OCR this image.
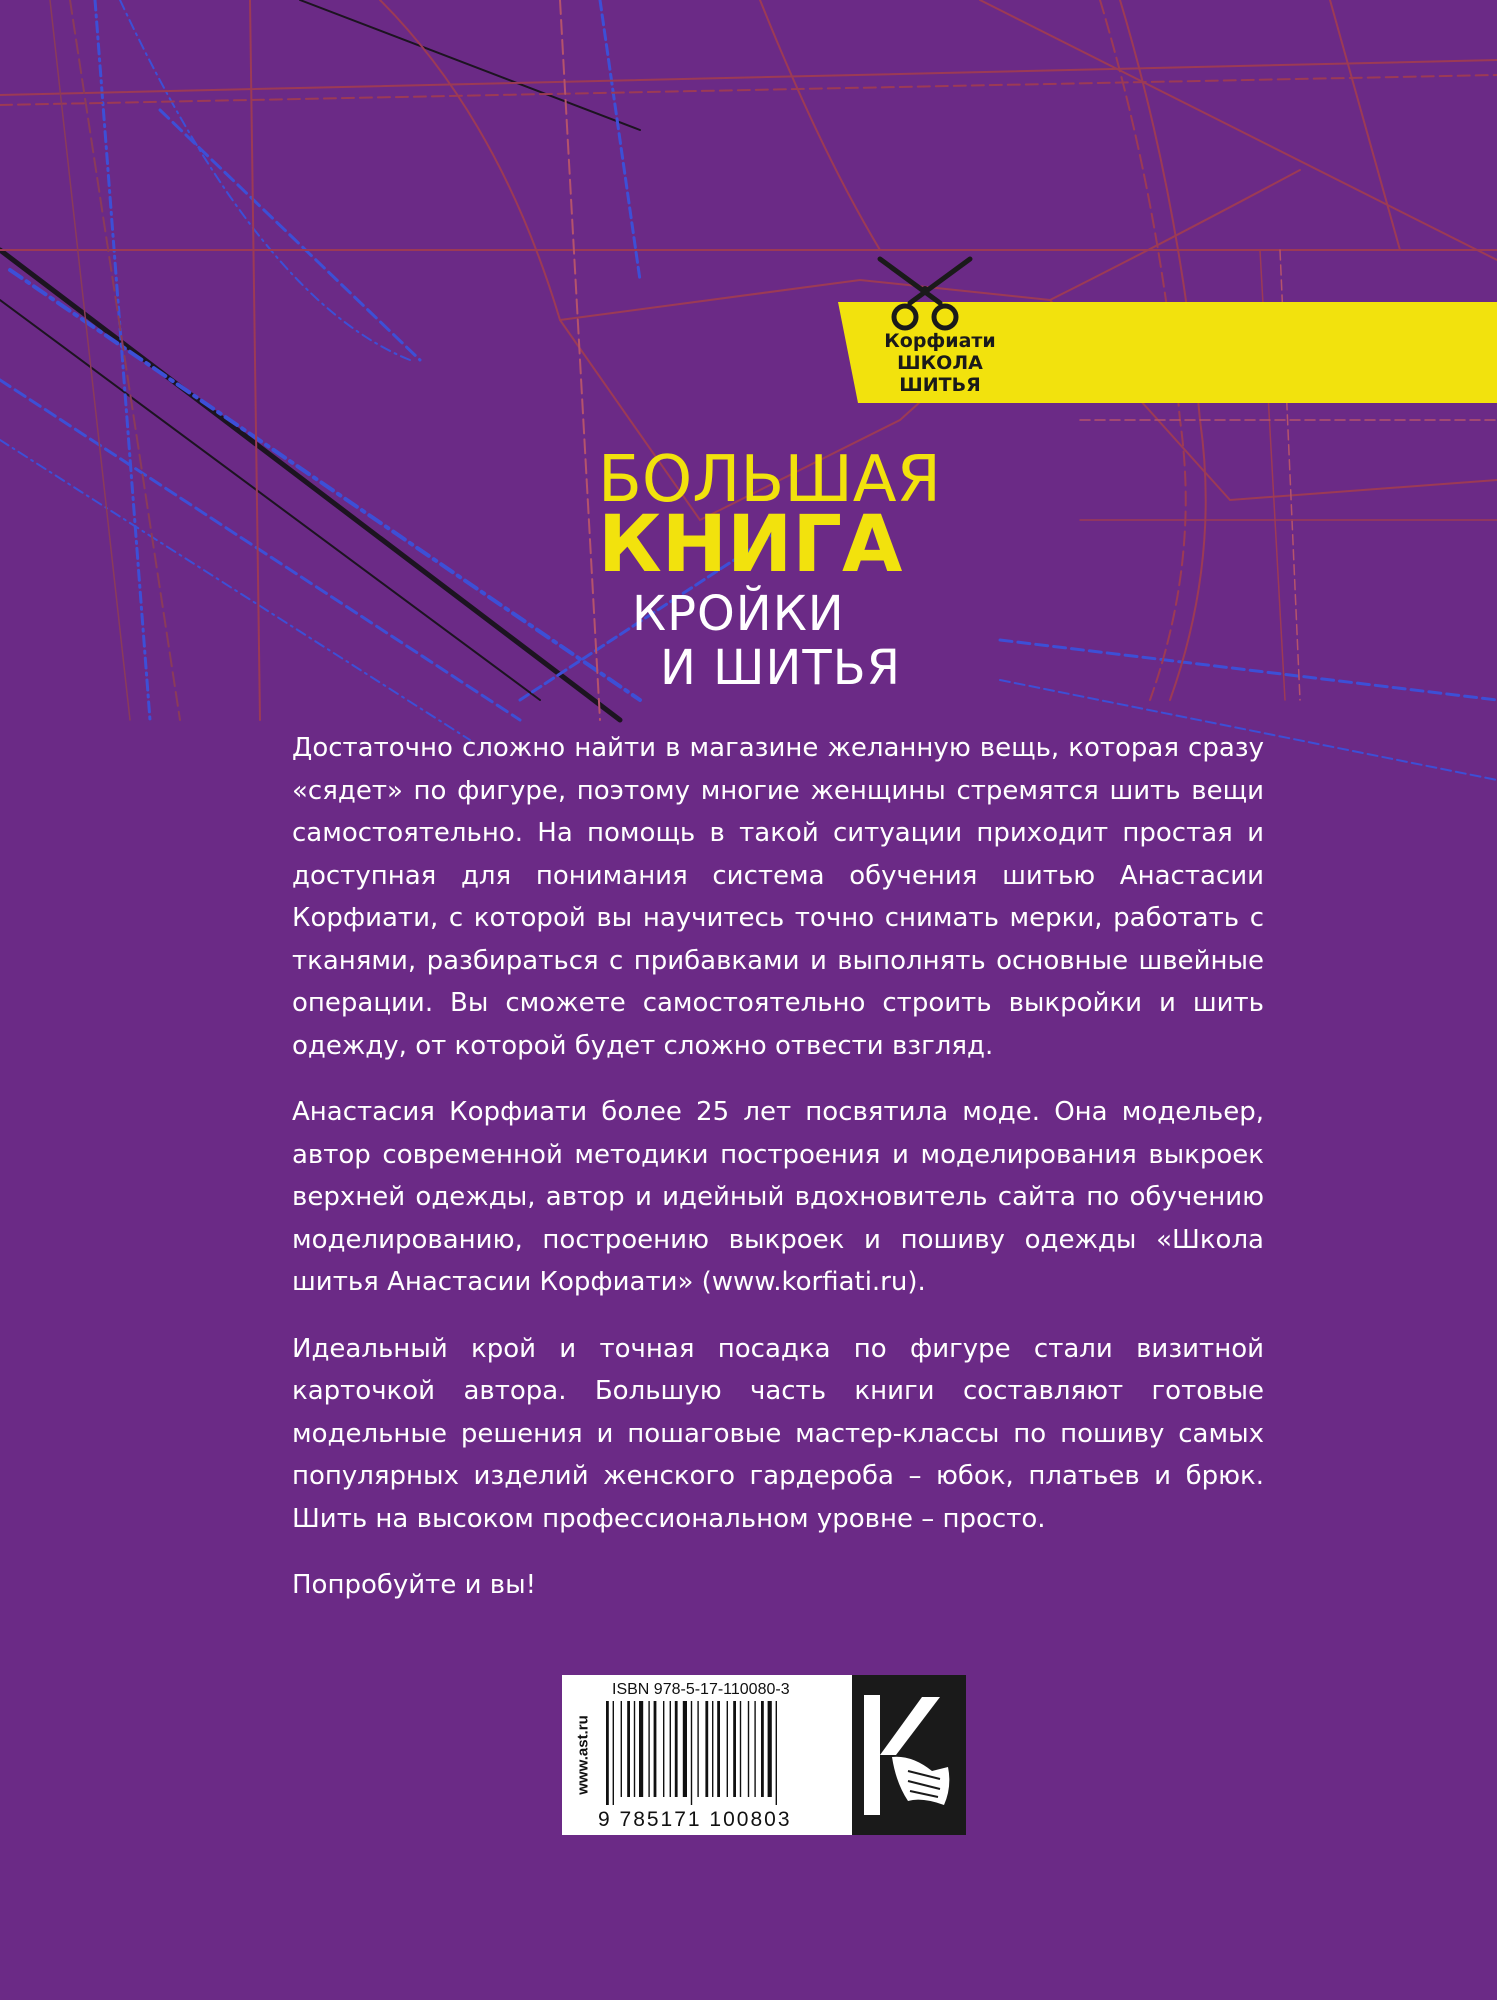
Корфиати
ШКОЛА
ШИТЬЯ
БОЛЬШАЯ
КНИГА
КРОЙКИ
И ШИТЬЯ

Достаточно сложно найти в магазине желанную вещь, которая сразу «сядет» по фигуре, поэтому многие женщины стремятся шить вещи самостоятельно. На помощь в такой ситуации приходит простая и доступная для понимания система обучения шитью Анастасии Корфиати, с которой вы научитесь точно снимать мерки, работать с тканями, разбираться с прибавками и выполнять основные швейные операции. Вы сможете самостоятельно строить выкройки и шить одежду, от которой будет сложно отвести взгляд.

Анастасия Корфиати более 25 лет посвятила моде. Она модельер, автор современной методики построения и моделирования выкроек верхней одежды, автор и идейный вдохновитель сайта по обучению моделированию, построению выкроек и пошиву одежды «Школа шитья Анастасии Корфиати» (www.korfiati.ru).

Идеальный крой и точная посадка по фигуре стали визитной карточкой автора. Большую часть книги составляют готовые модельные решения и пошаговые мастер-классы по пошиву самых популярных изделий женского гардероба – юбок, платьев и брюк. Шить на высоком профессиональном уровне – просто.

Попробуйте и вы!

www.ast.ru
ISBN 978-5-17-110080-3
9 785171 100803
